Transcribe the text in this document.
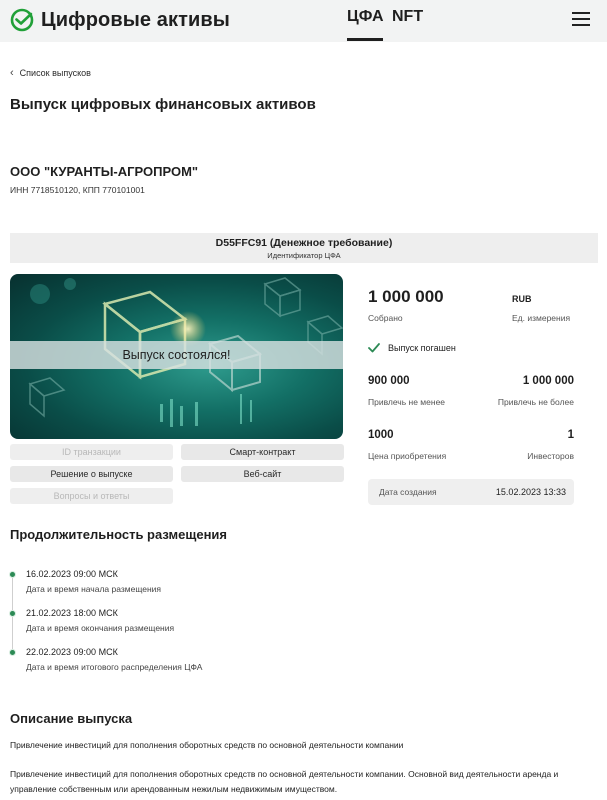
Цифровые активы	ЦФА NFT
‹ Список выпусков
Выпуск цифровых финансовых активов
ООО "КУРАНТЫ-АГРОПРОМ"
ИНН 7718510120, КПП 770101001
D55FFC91 (Денежное требование)
Идентификатор ЦФА
Выпуск состоялся!
ID транзакции	Смарт-контракт
Решение о выпуске	Веб-сайт
Вопросы и ответы
1 000 000
Собрано
RUB
Ед. измерения
Выпуск погашен
900 000
Привлечь не менее
1 000 000
Привлечь не более
1000
Цена приобретения
1
Инвесторов
Дата создания	15.02.2023 13:33
Продолжительность размещения
16.02.2023 09:00 МСК
Дата и время начала размещения
21.02.2023 18:00 МСК
Дата и время окончания размещения
22.02.2023 09:00 МСК
Дата и время итогового распределения ЦФА
Описание выпуска
Привлечение инвестиций для пополнения оборотных средств по основной деятельности компании
Привлечение инвестиций для пополнения оборотных средств по основной деятельности компании. Основной вид деятельности аренда и управление собственным или арендованным нежилым недвижимым имуществом.
